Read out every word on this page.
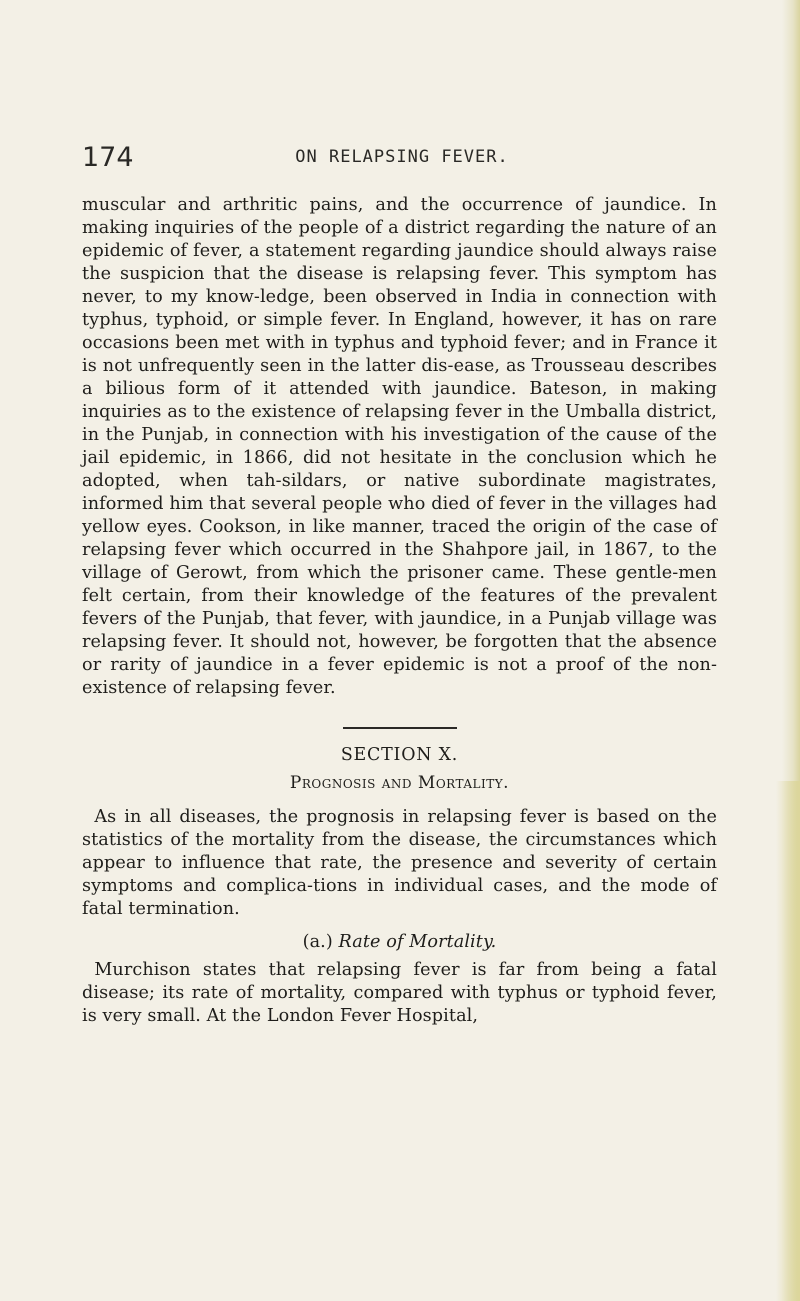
174	ON RELAPSING FEVER.

muscular and arthritic pains, and the occurrence of jaundice. In making inquiries of the people of a district regarding the nature of an epidemic of fever, a statement regarding jaundice should always raise the suspicion that the disease is relapsing fever. This symptom has never, to my know-ledge, been observed in India in connection with typhus, typhoid, or simple fever. In England, however, it has on rare occasions been met with in typhus and typhoid fever; and in France it is not unfrequently seen in the latter dis-ease, as Trousseau describes a bilious form of it attended with jaundice. Bateson, in making inquiries as to the existence of relapsing fever in the Umballa district, in the Punjab, in connection with his investigation of the cause of the jail epidemic, in 1866, did not hesitate in the conclusion which he adopted, when tah-sildars, or native subordinate magistrates, informed him that several people who died of fever in the villages had yellow eyes. Cookson, in like manner, traced the origin of the case of relapsing fever which occurred in the Shahpore jail, in 1867, to the village of Gerowt, from which the prisoner came. These gentle-men felt certain, from their knowledge of the features of the prevalent fevers of the Punjab, that fever, with jaundice, in a Punjab village was relapsing fever. It should not, however, be forgotten that the absence or rarity of jaundice in a fever epidemic is not a proof of the non-existence of relapsing fever.

SECTION X.

Prognosis and Mortality.

As in all diseases, the prognosis in relapsing fever is based on the statistics of the mortality from the disease, the circumstances which appear to influence that rate, the presence and severity of certain symptoms and complica-tions in individual cases, and the mode of fatal termination.

(a.) Rate of Mortality.

Murchison states that relapsing fever is far from being a fatal disease; its rate of mortality, compared with typhus or typhoid fever, is very small. At the London Fever Hospital,
